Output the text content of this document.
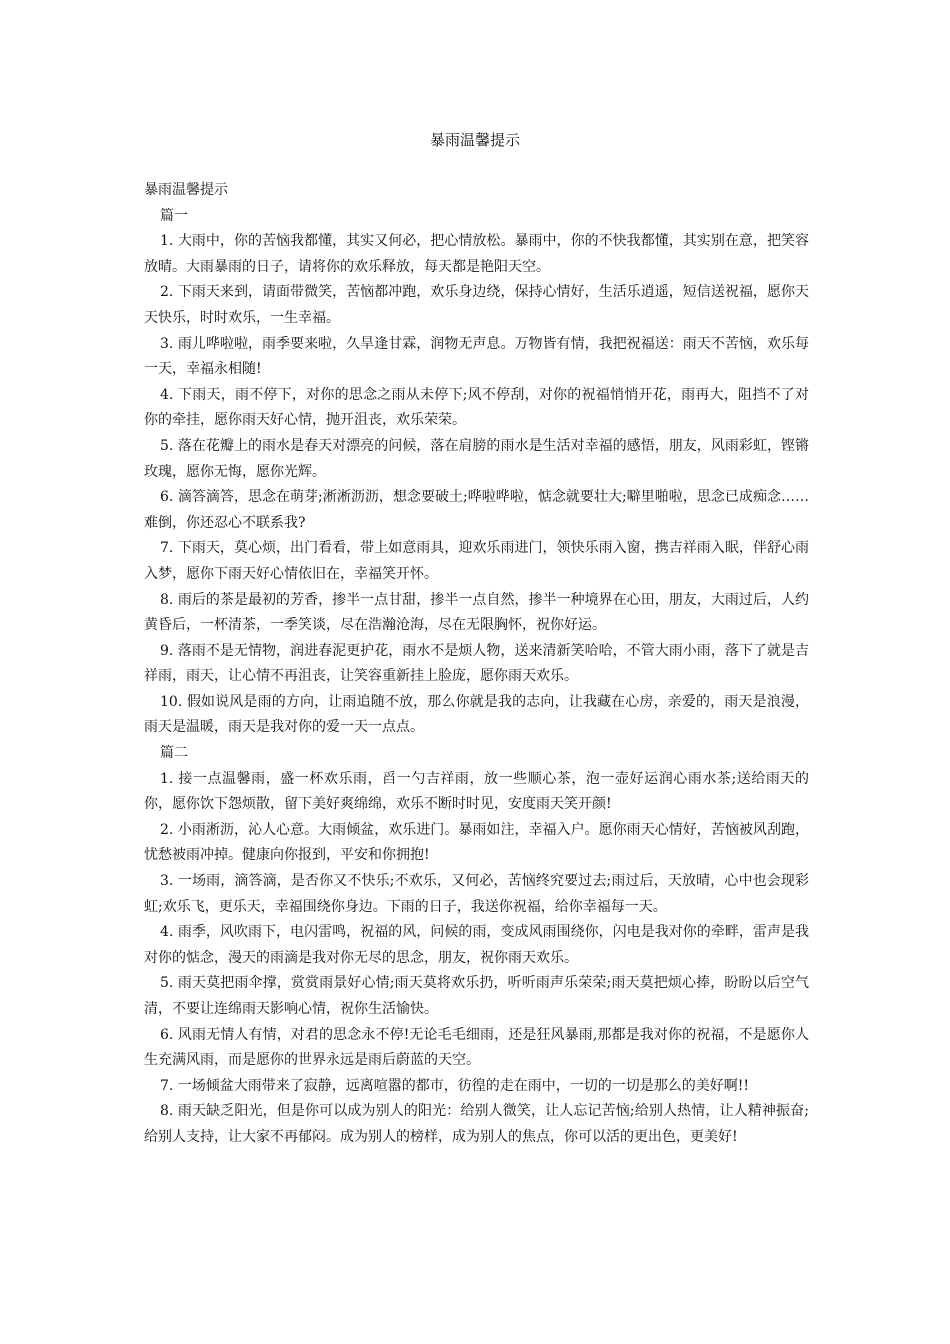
暴雨温馨提示

暴雨温馨提示

篇一

1. 大雨中，你的苦恼我都懂，其实又何必，把心情放松。暴雨中，你的不快我都懂，其实别在意，把笑容放晴。大雨暴雨的日子，请将你的欢乐释放，每天都是艳阳天空。

2. 下雨天来到，请面带微笑，苦恼都冲跑，欢乐身边绕，保持心情好，生活乐逍遥，短信送祝福，愿你天天快乐，时时欢乐，一生幸福。

3. 雨儿哗啦啦，雨季要来啦，久旱逢甘霖，润物无声息。万物皆有情，我把祝福送：雨天不苦恼，欢乐每一天，幸福永相随!

4. 下雨天，雨不停下，对你的思念之雨从未停下;风不停刮，对你的祝福悄悄开花，雨再大，阻挡不了对你的牵挂，愿你雨天好心情，抛开沮丧，欢乐荣荣。

5. 落在花瓣上的雨水是春天对漂亮的问候，落在肩膀的雨水是生活对幸福的感悟，朋友，风雨彩虹，铿锵玫瑰，愿你无悔，愿你光辉。

6. 滴答滴答，思念在萌芽;淅淅沥沥，想念要破土;哗啦哗啦，惦念就要壮大;噼里啪啦，思念已成痴念……难倒，你还忍心不联系我?

7. 下雨天，莫心烦，出门看看，带上如意雨具，迎欢乐雨进门，领快乐雨入窗，携吉祥雨入眠，伴舒心雨入梦，愿你下雨天好心情依旧在，幸福笑开怀。

8. 雨后的茶是最初的芳香，掺半一点甘甜，掺半一点自然，掺半一种境界在心田，朋友，大雨过后，人约黄昏后，一杯清茶，一季笑谈，尽在浩瀚沧海，尽在无限胸怀，祝你好运。

9. 落雨不是无情物，润进春泥更护花，雨水不是烦人物，送来清新笑哈哈，不管大雨小雨，落下了就是吉祥雨，雨天，让心情不再沮丧，让笑容重新挂上脸庞，愿你雨天欢乐。

10. 假如说风是雨的方向，让雨追随不放，那么你就是我的志向，让我藏在心房，亲爱的，雨天是浪漫，雨天是温暖，雨天是我对你的爱一天一点点。

篇二

1. 接一点温馨雨，盛一杯欢乐雨，舀一勺吉祥雨，放一些顺心茶，泡一壶好运润心雨水茶;送给雨天的你，愿你饮下怨烦散，留下美好爽绵绵，欢乐不断时时见，安度雨天笑开颜!

2. 小雨淅沥，沁人心意。大雨倾盆，欢乐进门。暴雨如注，幸福入户。愿你雨天心情好，苦恼被风刮跑，忧愁被雨冲掉。健康向你报到，平安和你拥抱!

3. 一场雨，滴答滴，是否你又不快乐;不欢乐，又何必，苦恼终究要过去;雨过后，天放晴，心中也会现彩虹;欢乐飞，更乐天，幸福围绕你身边。下雨的日子，我送你祝福，给你幸福每一天。

4. 雨季，风吹雨下，电闪雷鸣，祝福的风，问候的雨，变成风雨围绕你，闪电是我对你的牵畔，雷声是我对你的惦念，漫天的雨滴是我对你无尽的思念，朋友，祝你雨天欢乐。

5. 雨天莫把雨伞撑，赏赏雨景好心情;雨天莫将欢乐扔，听听雨声乐荣荣;雨天莫把烦心捧，盼盼以后空气清，不要让连绵雨天影响心情，祝你生活愉快。

6. 风雨无情人有情，对君的思念永不停!无论毛毛细雨，还是狂风暴雨,那都是我对你的祝福，不是愿你人生充满风雨，而是愿你的世界永远是雨后蔚蓝的天空。

7. 一场倾盆大雨带来了寂静，远离喧嚣的都市，彷徨的走在雨中，一切的一切是那么的美好啊!!

8. 雨天缺乏阳光，但是你可以成为别人的阳光：给别人微笑，让人忘记苦恼;给别人热情，让人精神振奋;给别人支持，让大家不再郁闷。成为别人的榜样，成为别人的焦点，你可以活的更出色，更美好!
